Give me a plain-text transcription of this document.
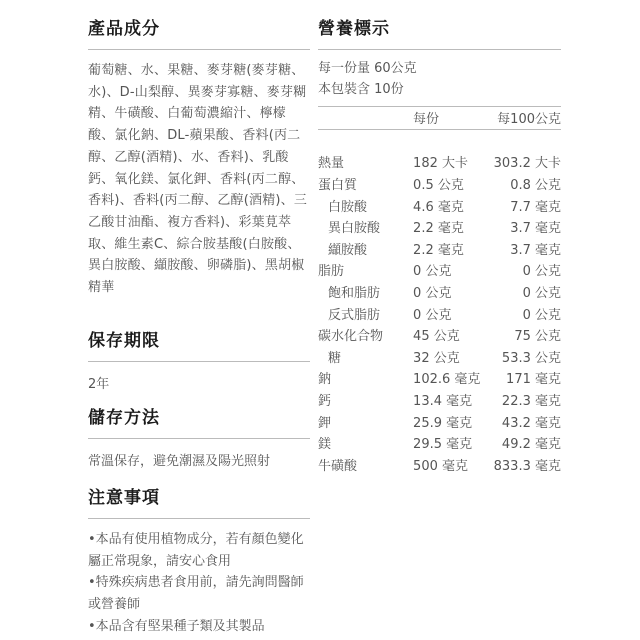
產品成分

葡萄糖、水、果糖、麥芽糖(麥芽糖、水)、D-山梨醇、異麥芽寡糖、麥芽糊精、牛磺酸、白葡萄濃縮汁、檸檬酸、氯化鈉、DL-蘋果酸、香料(丙二醇、乙醇(酒精)、水、香料)、乳酸鈣、氧化鎂、氯化鉀、香料(丙二醇、香料)、香料(丙二醇、乙醇(酒精)、三乙酸甘油酯、複方香料)、彩葉莧萃取、維生素C、綜合胺基酸(白胺酸、異白胺酸、纈胺酸、卵磷脂)、黑胡椒精華

保存期限
2年
儲存方法
常溫保存，避免潮濕及陽光照射
注意事項

•本品有使用植物成分，若有顏色變化屬正常現象，請安心食用

•特殊疾病患者食用前，請先詢問醫師或營養師

•本品含有堅果種子類及其製品

營養標示
每一份量 60公克
本包裝含 10份
	每份	每100公克

熱量	182 大卡	303.2 大卡
蛋白質	0.5 公克	0.8 公克
白胺酸	4.6 毫克	7.7 毫克
異白胺酸	2.2 毫克	3.7 毫克
纈胺酸	2.2 毫克	3.7 毫克
脂肪	0 公克	0 公克
飽和脂肪	0 公克	0 公克
反式脂肪	0 公克	0 公克
碳水化合物	45 公克	75 公克
糖	32 公克	53.3 公克
鈉	102.6 毫克	171 毫克
鈣	13.4 毫克	22.3 毫克
鉀	25.9 毫克	43.2 毫克
鎂	29.5 毫克	49.2 毫克
牛磺酸	500 毫克	833.3 毫克
